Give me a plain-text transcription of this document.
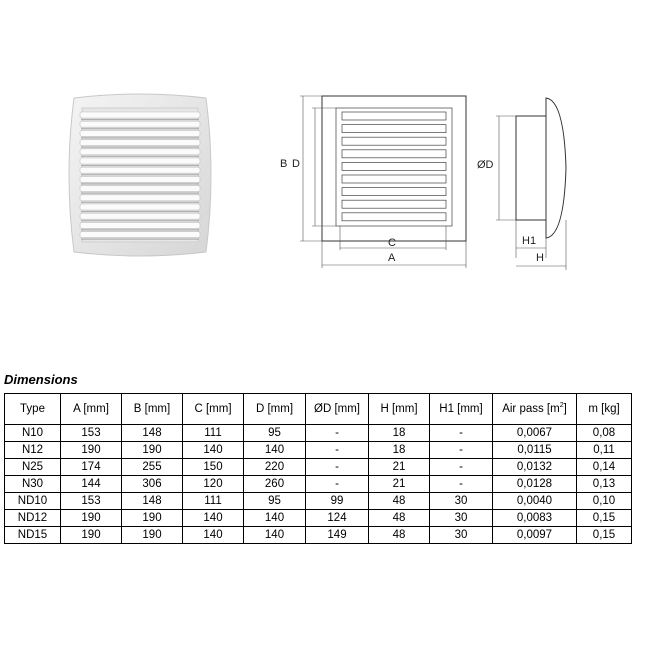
B D
C
A
ØD
H1
H
Dimensions
Type	A [mm]	B [mm]	C [mm]	D [mm]	ØD [mm]	H [mm]	H1 [mm]	Air pass $[m^2]$	m [kg]
N10	153	148	111	95	-	18	-	0,0067	0,08
N12	190	190	140	140	-	18	-	0,0115	0,11
N25	174	255	150	220	-	21	-	0,0132	0,14
N30	144	306	120	260	-	21	-	0,0128	0,13
ND10	153	148	111	95	99	48	30	0,0040	0,10
ND12	190	190	140	140	124	48	30	0,0083	0,15
ND15	190	190	140	140	149	48	30	0,0097	0,15
